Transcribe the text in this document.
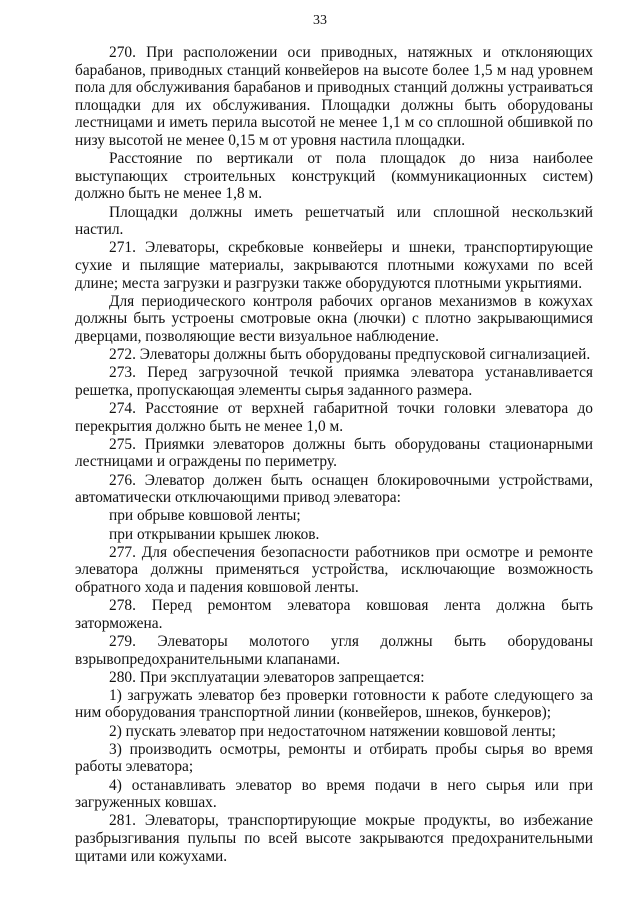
33

270. При расположении оси приводных, натяжных и отклоняющих барабанов, приводных станций конвейеров на высоте более 1,5 м над уровнем пола для обслуживания барабанов и приводных станций должны устраиваться площадки для их обслуживания. Площадки должны быть оборудованы лестницами и иметь перила высотой не менее 1,1 м со сплошной обшивкой по низу высотой не менее 0,15 м от уровня настила площадки.

Расстояние по вертикали от пола площадок до низа наиболее выступающих строительных конструкций (коммуникационных систем) должно быть не менее 1,8 м.

Площадки должны иметь решетчатый или сплошной нескользкий настил.

271. Элеваторы, скребковые конвейеры и шнеки, транспортирующие сухие и пылящие материалы, закрываются плотными кожухами по всей длине; места загрузки и разгрузки также оборудуются плотными укрытиями.

Для периодического контроля рабочих органов механизмов в кожухах должны быть устроены смотровые окна (лючки) с плотно закрывающимися дверцами, позволяющие вести визуальное наблюдение.

272. Элеваторы должны быть оборудованы предпусковой сигнализацией.

273. Перед загрузочной течкой приямка элеватора устанавливается решетка, пропускающая элементы сырья заданного размера.

274. Расстояние от верхней габаритной точки головки элеватора до перекрытия должно быть не менее 1,0 м.

275. Приямки элеваторов должны быть оборудованы стационарными лестницами и ограждены по периметру.

276. Элеватор должен быть оснащен блокировочными устройствами, автоматически отключающими привод элеватора:

при обрыве ковшовой ленты;

при открывании крышек люков.

277. Для обеспечения безопасности работников при осмотре и ремонте элеватора должны применяться устройства, исключающие возможность обратного хода и падения ковшовой ленты.

278. Перед ремонтом элеватора ковшовая лента должна быть заторможена.

279. Элеваторы молотого угля должны быть оборудованы взрывопредохранительными клапанами.

280. При эксплуатации элеваторов запрещается:

1) загружать элеватор без проверки готовности к работе следующего за ним оборудования транспортной линии (конвейеров, шнеков, бункеров);

2) пускать элеватор при недостаточном натяжении ковшовой ленты;

3) производить осмотры, ремонты и отбирать пробы сырья во время работы элеватора;

4) останавливать элеватор во время подачи в него сырья или при загруженных ковшах.

281. Элеваторы, транспортирующие мокрые продукты, во избежание разбрызгивания пульпы по всей высоте закрываются предохранительными щитами или кожухами.
